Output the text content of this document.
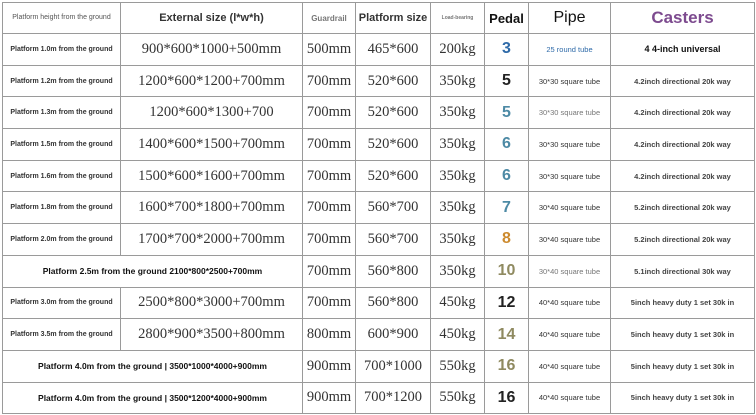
Platform height from the ground	External size (l*w*h)	Guardrail	Platform size	Load-bearing	Pedal	Pipe	Casters
Platform 1.0m from the ground	900*600*1000+500mm	500mm	465*600	200kg	3	25 round tube	4 4-inch universal
Platform 1.2m from the ground	1200*600*1200+700mm	700mm	520*600	350kg	5	30*30 square tube	4.2inch directional 20k way
Platform 1.3m from the ground	1200*600*1300+700	700mm	520*600	350kg	5	30*30 square tube	4.2inch directional 20k way
Platform 1.5m from the ground	1400*600*1500+700mm	700mm	520*600	350kg	6	30*30 square tube	4.2inch directional 20k way
Platform 1.6m from the ground	1500*600*1600+700mm	700mm	520*600	350kg	6	30*30 square tube	4.2inch directional 20k way
Platform 1.8m from the ground	1600*700*1800+700mm	700mm	560*700	350kg	7	30*40 square tube	5.2inch directional 20k way
Platform 2.0m from the ground	1700*700*2000+700mm	700mm	560*700	350kg	8	30*40 square tube	5.2inch directional 20k way
Platform 2.5m from the ground 2100*800*2500+700mm		700mm	560*800	350kg	10	30*40 square tube	5.1inch directional 30k way
Platform 3.0m from the ground	2500*800*3000+700mm	700mm	560*800	450kg	12	40*40 square tube	5inch heavy duty 1 set 30k in
Platform 3.5m from the ground	2800*900*3500+800mm	800mm	600*900	450kg	14	40*40 square tube	5inch heavy duty 1 set 30k in
Platform 4.0m from the ground | 3500*1000*4000+900mm		900mm	700*1000	550kg	16	40*40 square tube	5inch heavy duty 1 set 30k in
Platform 4.0m from the ground | 3500*1200*4000+900mm		900mm	700*1200	550kg	16	40*40 square tube	5inch heavy duty 1 set 30k in
